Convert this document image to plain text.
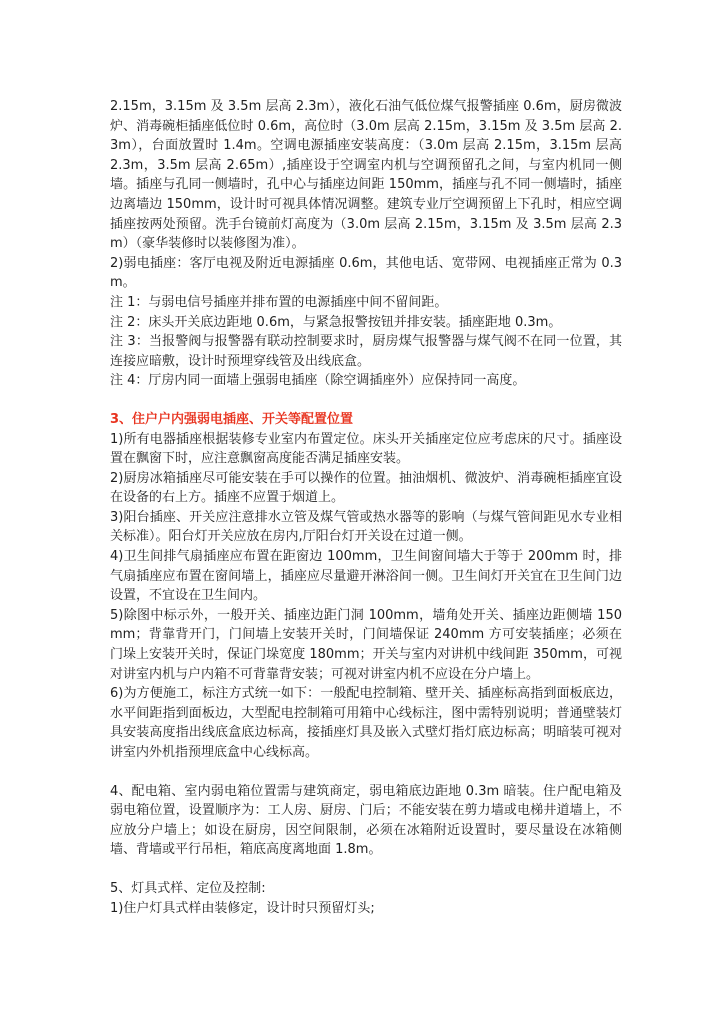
2.15m，3.15m 及 3.5m 层高 2.3m），液化石油气低位煤气报警插座 0.6m，厨房微波炉、消毒碗柜插座低位时 0.6m，高位时（3.0m 层高 2.15m，3.15m 及 3.5m 层高 2.3m），台面放置时 1.4m。空调电源插座安装高度：（3.0m 层高 2.15m，3.15m 层高 2.3m，3.5m 层高 2.65m）,插座设于空调室内机与空调预留孔之间，与室内机同一侧墙。插座与孔同一侧墙时，孔中心与插座边间距 150mm，插座与孔不同一侧墙时，插座边离墙边 150mm，设计时可视具体情况调整。建筑专业厅空调预留上下孔时，相应空调插座按两处预留。洗手台镜前灯高度为（3.0m 层高 2.15m，3.15m 及 3.5m 层高 2.3m）（豪华装修时以装修图为准）。

2)弱电插座：客厅电视及附近电源插座 0.6m，其他电话、宽带网、电视插座正常为 0.3m。

注 1：与弱电信号插座并排布置的电源插座中间不留间距。

注 2：床头开关底边距地 0.6m，与紧急报警按钮并排安装。插座距地 0.3m。

注 3：当报警阀与报警器有联动控制要求时，厨房煤气报警器与煤气阀不在同一位置，其连接应暗敷，设计时预埋穿线管及出线底盒。

注 4：厅房内同一面墙上强弱电插座（除空调插座外）应保持同一高度。

3、住户户内强弱电插座、开关等配置位置

1)所有电器插座根据装修专业室内布置定位。床头开关插座定位应考虑床的尺寸。插座设置在飘窗下时，应注意飘窗高度能否满足插座安装。

2)厨房冰箱插座尽可能安装在手可以操作的位置。抽油烟机、微波炉、消毒碗柜插座宜设在设备的右上方。插座不应置于烟道上。

3)阳台插座、开关应注意排水立管及煤气管或热水器等的影响（与煤气管间距见水专业相关标准）。阳台灯开关应放在房内,厅阳台灯开关设在过道一侧。

4)卫生间排气扇插座应布置在距窗边 100mm，卫生间窗间墙大于等于 200mm 时，排气扇插座应布置在窗间墙上，插座应尽量避开淋浴间一侧。卫生间灯开关宜在卫生间门边设置，不宜设在卫生间内。

5)除图中标示外，一般开关、插座边距门洞 100mm，墙角处开关、插座边距侧墙 150mm；背靠背开门，门间墙上安装开关时，门间墙保证 240mm 方可安装插座；必须在门垛上安装开关时，保证门垛宽度 180mm；开关与室内对讲机中线间距 350mm，可视对讲室内机与户内箱不可背靠背安装；可视对讲室内机不应设在分户墙上。

6)为方便施工，标注方式统一如下：一般配电控制箱、壁开关、插座标高指到面板底边，水平间距指到面板边，大型配电控制箱可用箱中心线标注，图中需特别说明；普通壁装灯具安装高度指出线底盒底边标高，接插座灯具及嵌入式壁灯指灯底边标高；明暗装可视对讲室内外机指预埋底盒中心线标高。

4、配电箱、室内弱电箱位置需与建筑商定，弱电箱底边距地 0.3m 暗装。住户配电箱及弱电箱位置，设置顺序为：工人房、厨房、门后；不能安装在剪力墙或电梯井道墙上，不应放分户墙上；如设在厨房，因空间限制，必须在冰箱附近设置时，要尽量设在冰箱侧墙、背墙或平行吊柜，箱底高度离地面 1.8m。

5、灯具式样、定位及控制:

1)住户灯具式样由装修定，设计时只预留灯头;
